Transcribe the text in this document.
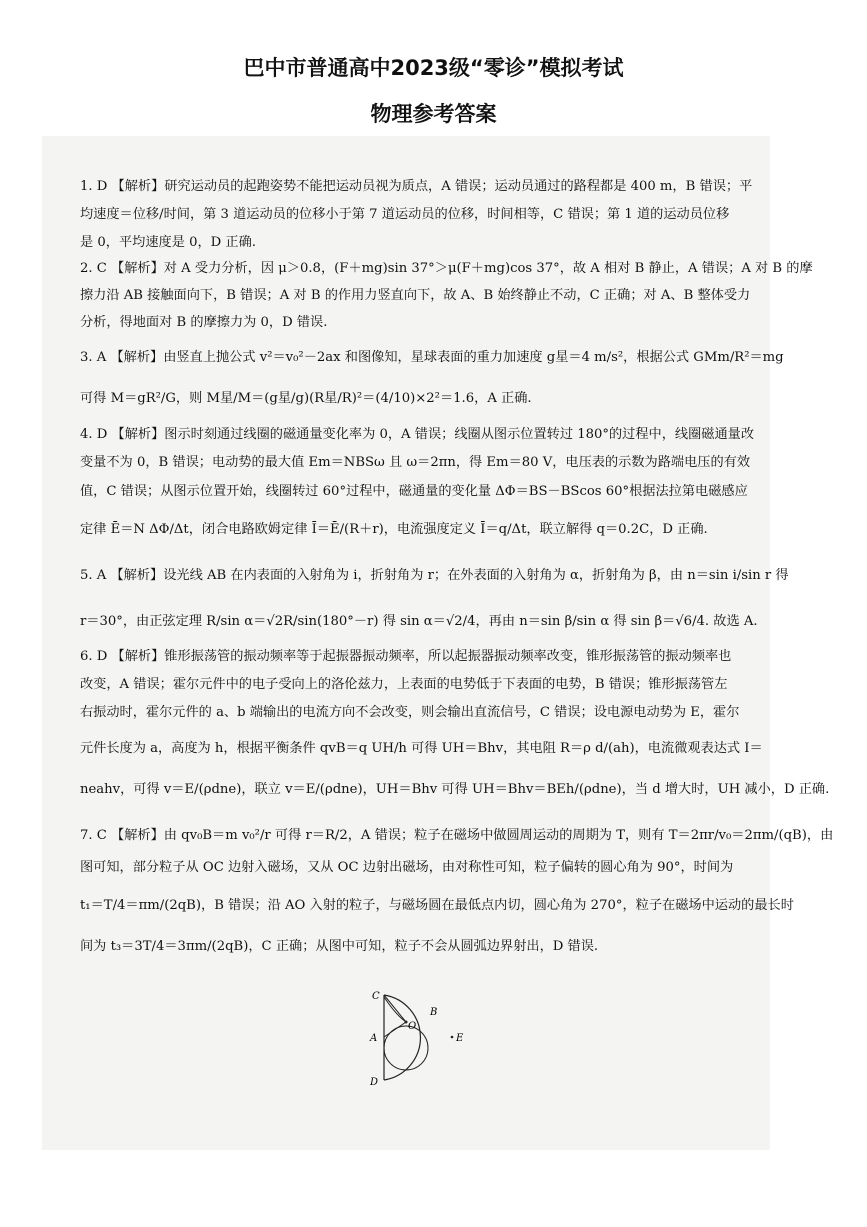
巴中市普通高中2023级“零诊”模拟考试
物理参考答案
1. D 【解析】研究运动员的起跑姿势不能把运动员视为质点，A 错误；运动员通过的路程都是 400 m，B 错误；平
均速度＝位移/时间，第 3 道运动员的位移小于第 7 道运动员的位移，时间相等，C 错误；第 1 道的运动员位移
是 0，平均速度是 0，D 正确.
2. C 【解析】对 A 受力分析，因 μ＞0.8，(F＋mg)sin 37°＞μ(F＋mg)cos 37°，故 A 相对 B 静止，A 错误；A 对 B 的摩
擦力沿 AB 接触面向下，B 错误；A 对 B 的作用力竖直向下，故 A、B 始终静止不动，C 正确；对 A、B 整体受力
分析，得地面对 B 的摩擦力为 0，D 错误.
3. A 【解析】由竖直上抛公式 v²＝v₀²－2ax 和图像知，星球表面的重力加速度 g星＝4 m/s²，根据公式 GMm/R²＝mg
可得 M＝gR²/G，则 M星/M＝(g星/g)(R星/R)²＝(4/10)×2²＝1.6，A 正确.
4. D 【解析】图示时刻通过线圈的磁通量变化率为 0，A 错误；线圈从图示位置转过 180°的过程中，线圈磁通量改
变量不为 0，B 错误；电动势的最大值 Em＝NBSω 且 ω＝2πn，得 Em＝80 V，电压表的示数为路端电压的有效
值，C 错误；从图示位置开始，线圈转过 60°过程中，磁通量的变化量 ΔΦ＝BS－BScos 60°根据法拉第电磁感应
定律 Ē＝N ΔΦ/Δt，闭合电路欧姆定律 Ī＝Ē/(R＋r)，电流强度定义 Ī＝q/Δt，联立解得 q＝0.2C，D 正确.
5. A 【解析】设光线 AB 在内表面的入射角为 i，折射角为 r；在外表面的入射角为 α，折射角为 β，由 n＝sin i/sin r 得
r＝30°，由正弦定理 R/sin α＝√2R/sin(180°－r) 得 sin α＝√2/4，再由 n＝sin β/sin α 得 sin β＝√6/4. 故选 A.
6. D 【解析】锥形振荡管的振动频率等于起振器振动频率，所以起振器振动频率改变，锥形振荡管的振动频率也
改变，A 错误；霍尔元件中的电子受向上的洛伦兹力，上表面的电势低于下表面的电势，B 错误；锥形振荡管左
右振动时，霍尔元件的 a、b 端输出的电流方向不会改变，则会输出直流信号，C 错误；设电源电动势为 E，霍尔
元件长度为 a，高度为 h，根据平衡条件 qvB＝q UH/h 可得 UH＝Bhv，其电阻 R＝ρ d/(ah)，电流微观表达式 I＝
neahv，可得 v＝E/(ρdne)，联立 v＝E/(ρdne)，UH＝Bhv 可得 UH＝Bhv＝BEh/(ρdne)，当 d 增大时，UH 减小，D 正确.
7. C 【解析】由 qv₀B＝m v₀²/r 可得 r＝R/2，A 错误；粒子在磁场中做圆周运动的周期为 T，则有 T＝2πr/v₀＝2πm/(qB)，由
图可知，部分粒子从 OC 边射入磁场，又从 OC 边射出磁场，由对称性可知，粒子偏转的圆心角为 90°，时间为
t₁＝T/4＝πm/(2qB)，B 错误；沿 AO 入射的粒子，与磁场圆在最低点内切，圆心角为 270°，粒子在磁场中运动的最长时
间为 t₃＝3T/4＝3πm/(2qB)，C 正确；从图中可知，粒子不会从圆弧边界射出，D 错误.
C
O
B
A	E
D
